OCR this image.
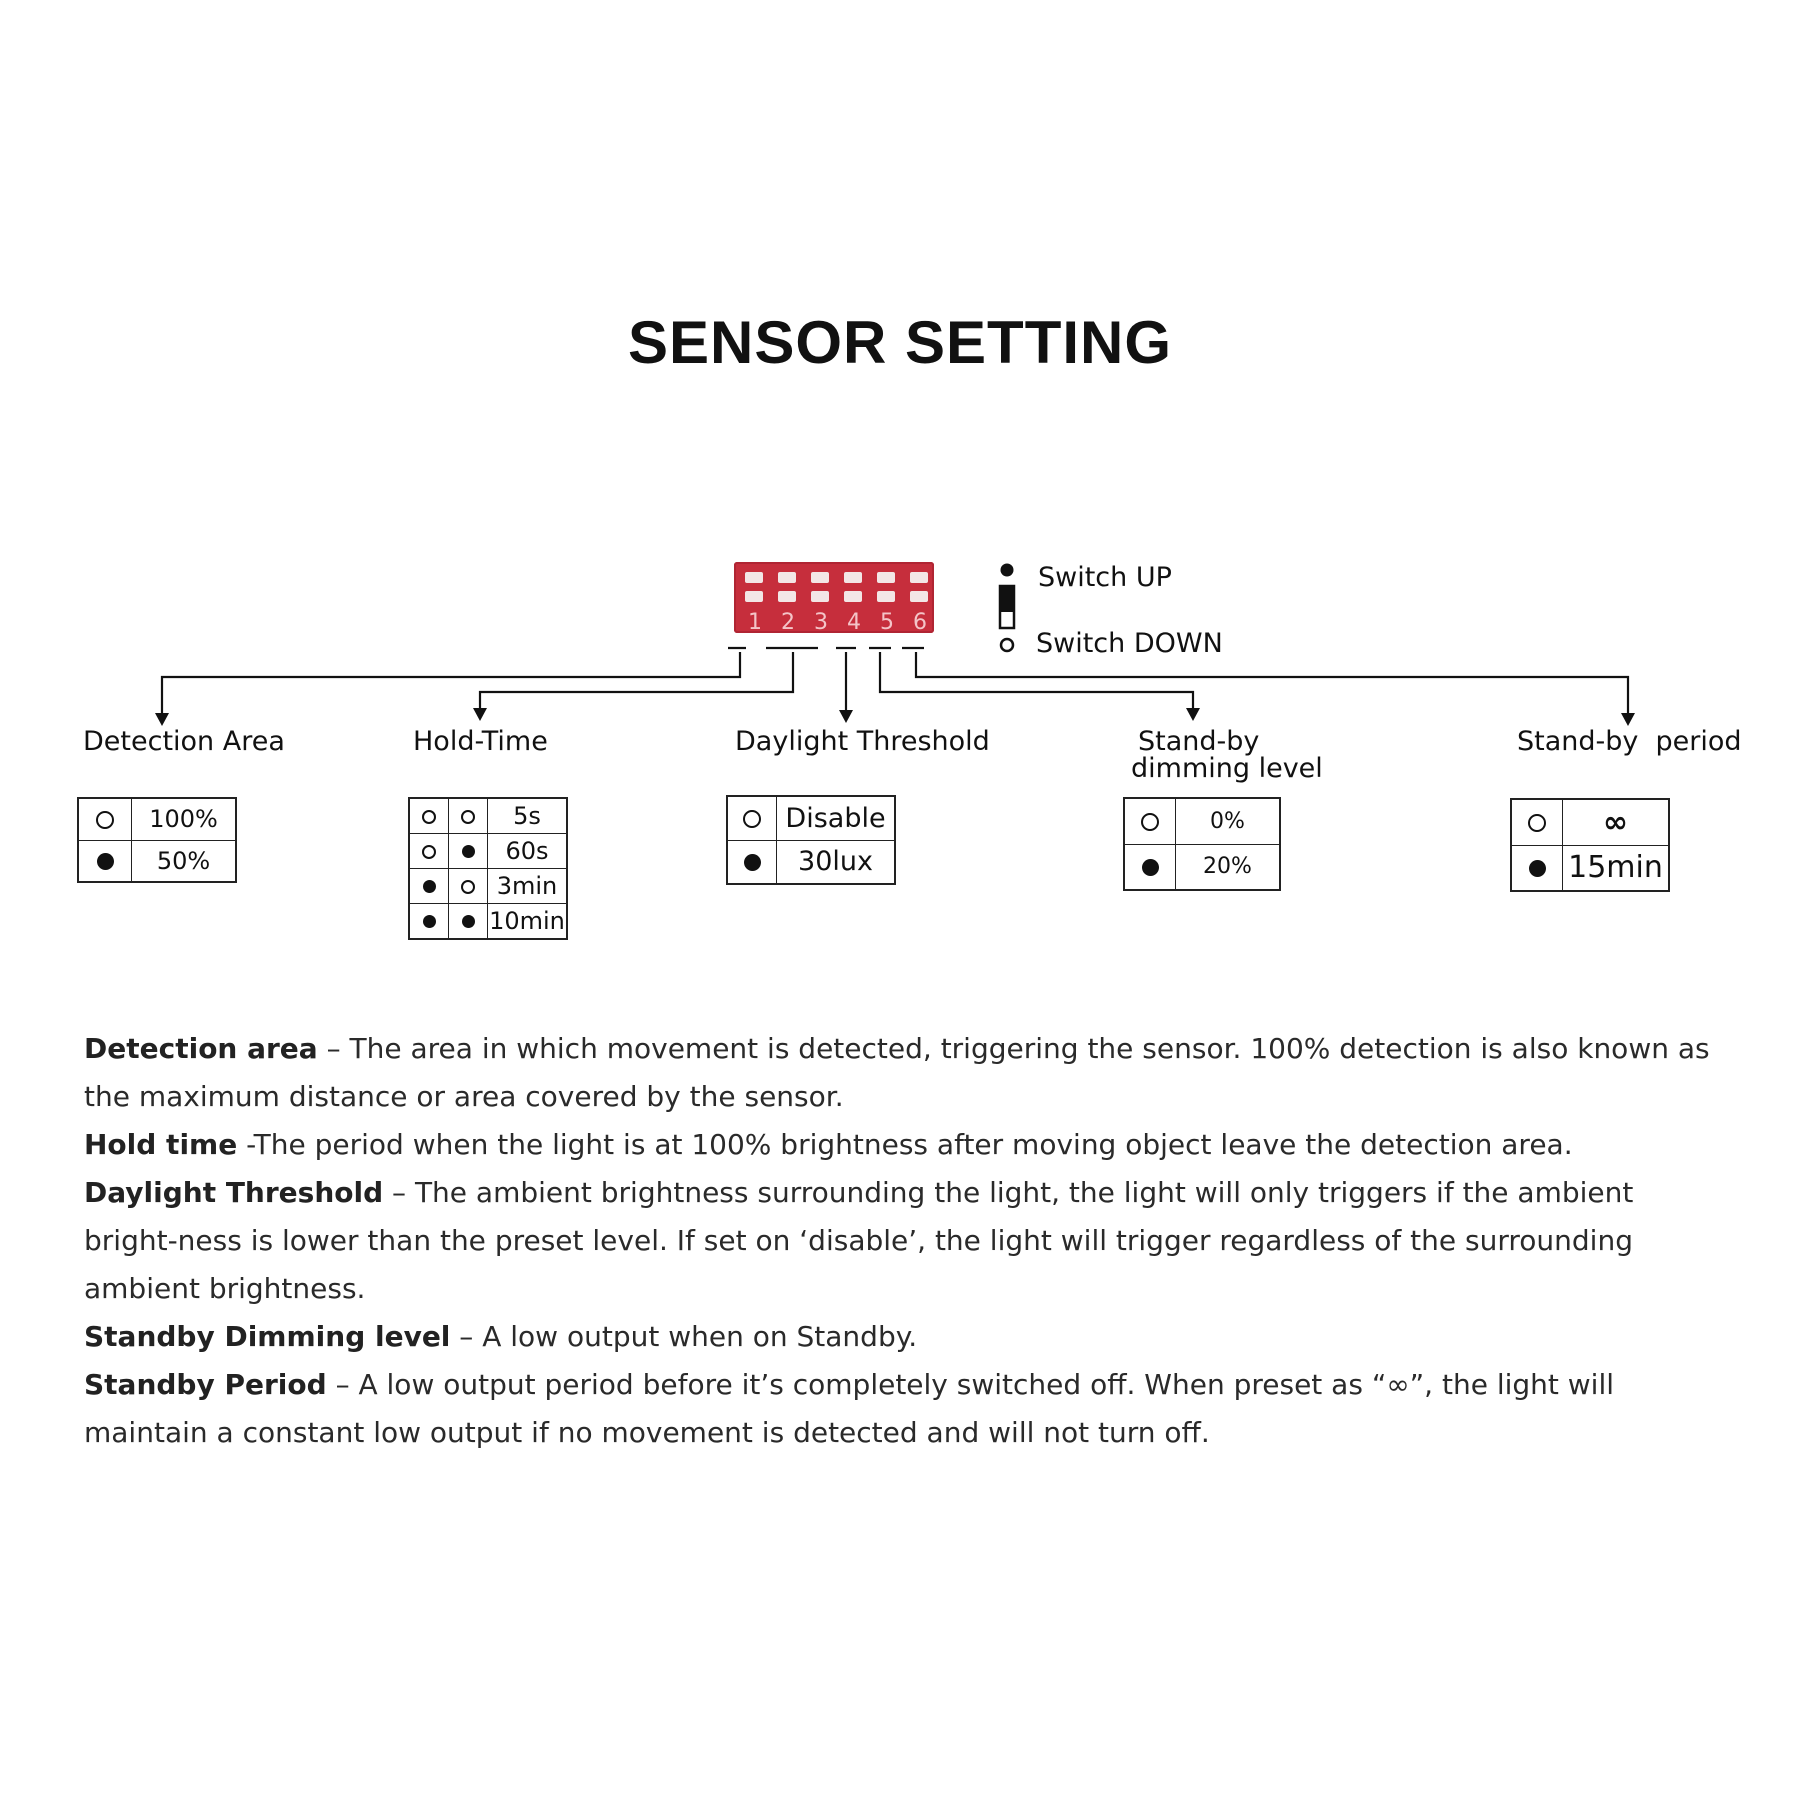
SENSOR SETTING
1 2 3 4 5 6
Switch UP
Switch DOWN
Detection Area	Hold-Time	Daylight Threshold	Stand-by
dimming level
Stand-by  period
	100%
	50%
		5s
		60s
		3min
		10min
	Disable
	30lux
	0%
	20%
	∞
	15min

Detection area – The area in which movement is detected, triggering the sensor. 100% detection is also known as the maximum distance or area covered by the sensor.

Hold time -The period when the light is at 100% brightness after moving object leave the detection area.

Daylight Threshold – The ambient brightness surrounding the light, the light will only triggers if the ambient bright-ness is lower than the preset level. If set on ‘disable’, the light will trigger regardless of the surrounding ambient brightness.

Standby Dimming level – A low output when on Standby.

Standby Period – A low output period before it’s completely switched off. When preset as “∞”, the light will maintain a constant low output if no movement is detected and will not turn off.
